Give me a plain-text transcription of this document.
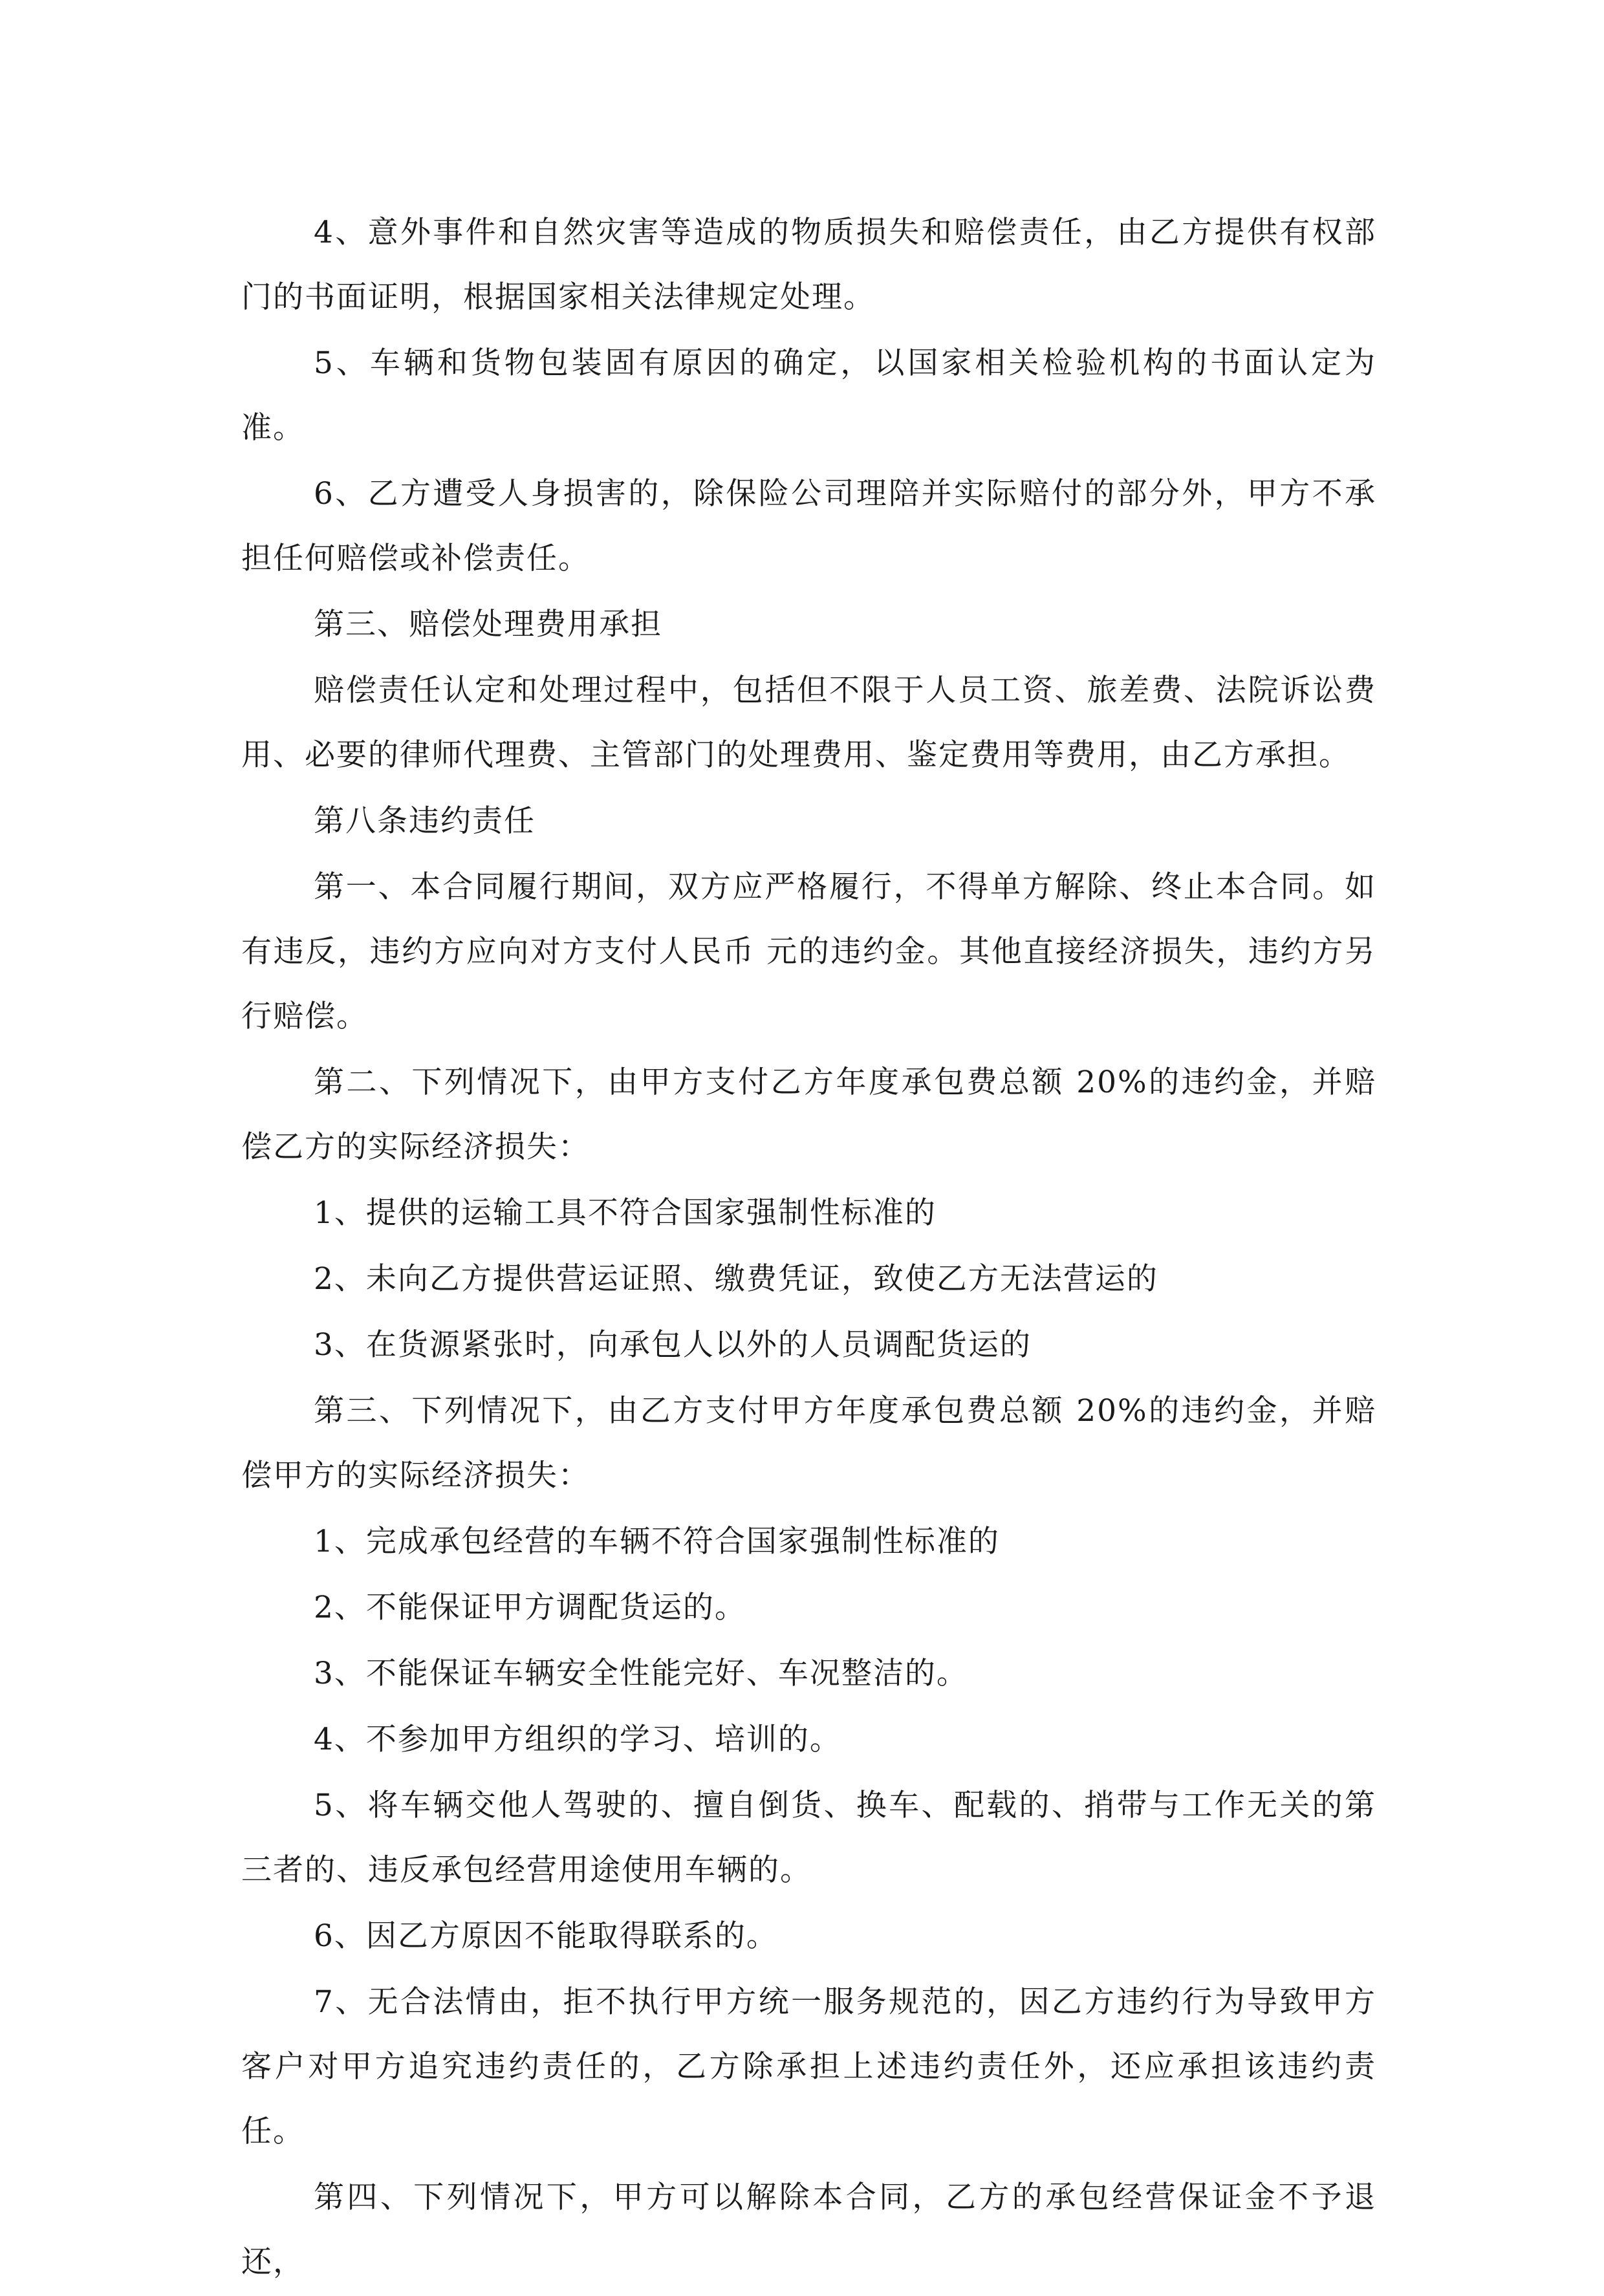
4、意外事件和自然灾害等造成的物质损失和赔偿责任，由乙方提供有权部门的书面证明，根据国家相关法律规定处理。

5、车辆和货物包装固有原因的确定，以国家相关检验机构的书面认定为准。

6、乙方遭受人身损害的，除保险公司理陪并实际赔付的部分外，甲方不承担任何赔偿或补偿责任。

第三、赔偿处理费用承担

赔偿责任认定和处理过程中，包括但不限于人员工资、旅差费、法院诉讼费用、必要的律师代理费、主管部门的处理费用、鉴定费用等费用，由乙方承担。

第八条违约责任

第一、本合同履行期间，双方应严格履行，不得单方解除、终止本合同。如有违反，违约方应向对方支付人民币 元的违约金。其他直接经济损失，违约方另行赔偿。

第二、下列情况下，由甲方支付乙方年度承包费总额 20%的违约金，并赔偿乙方的实际经济损失：

1、提供的运输工具不符合国家强制性标准的

2、未向乙方提供营运证照、缴费凭证，致使乙方无法营运的

3、在货源紧张时，向承包人以外的人员调配货运的

第三、下列情况下，由乙方支付甲方年度承包费总额 20%的违约金，并赔偿甲方的实际经济损失：

1、完成承包经营的车辆不符合国家强制性标准的

2、不能保证甲方调配货运的。

3、不能保证车辆安全性能完好、车况整洁的。

4、不参加甲方组织的学习、培训的。

5、将车辆交他人驾驶的、擅自倒货、换车、配载的、捎带与工作无关的第三者的、违反承包经营用途使用车辆的。

6、因乙方原因不能取得联系的。

7、无合法情由，拒不执行甲方统一服务规范的，因乙方违约行为导致甲方客户对甲方追究违约责任的，乙方除承担上述违约责任外，还应承担该违约责任。

第四、下列情况下，甲方可以解除本合同，乙方的承包经营保证金不予退还，
